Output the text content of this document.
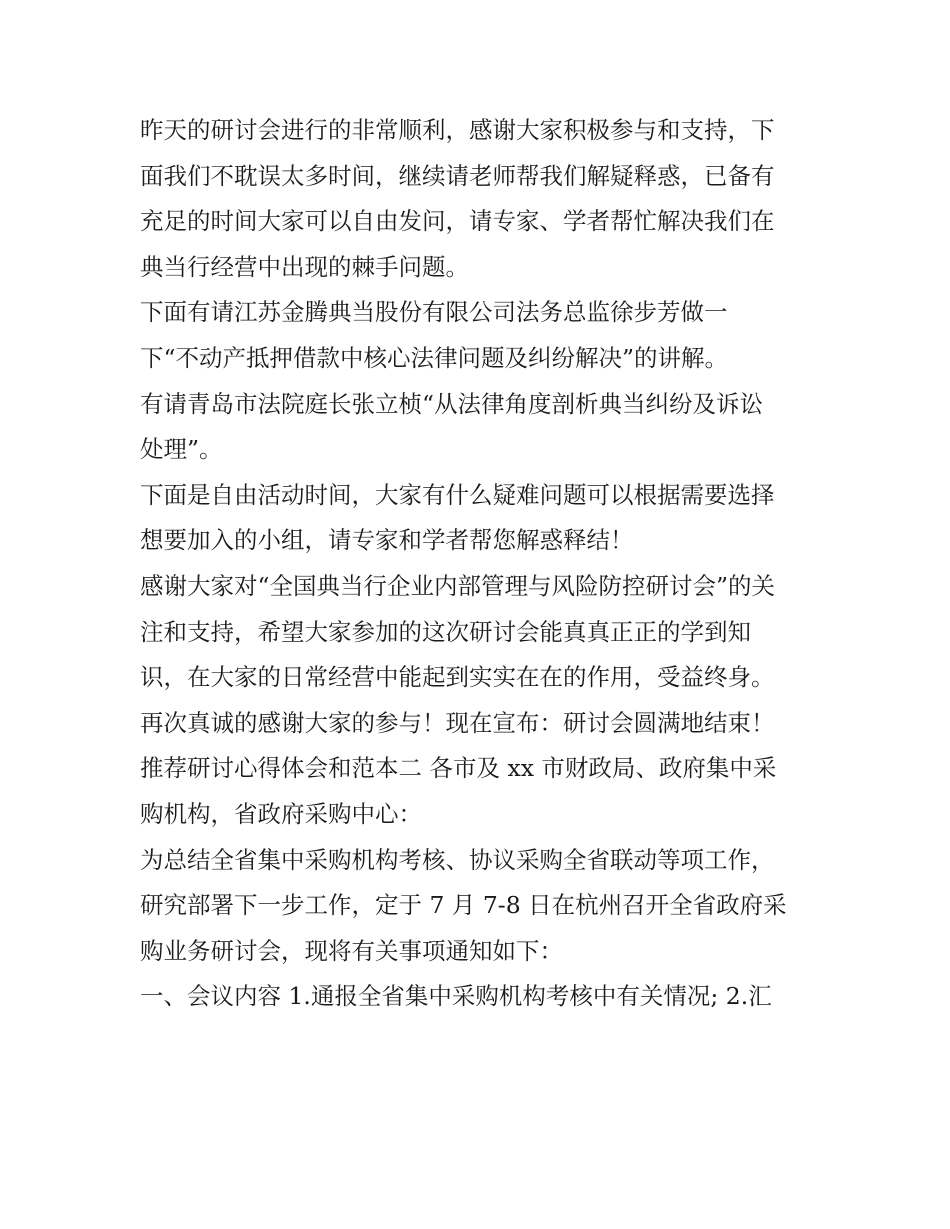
昨天的研讨会进行的非常顺利，感谢大家积极参与和支持，下
面我们不耽误太多时间，继续请老师帮我们解疑释惑，已备有
充足的时间大家可以自由发问，请专家、学者帮忙解决我们在
典当行经营中出现的棘手问题。
下面有请江苏金腾典当股份有限公司法务总监徐步芳做一
下“不动产抵押借款中核心法律问题及纠纷解决”的讲解。
有请青岛市法院庭长张立桢“从法律角度剖析典当纠纷及诉讼
处理”。
下面是自由活动时间，大家有什么疑难问题可以根据需要选择
想要加入的小组，请专家和学者帮您解惑释结！
感谢大家对“全国典当行企业内部管理与风险防控研讨会”的关
注和支持，希望大家参加的这次研讨会能真真正正的学到知
识，在大家的日常经营中能起到实实在在的作用，受益终身。
再次真诚的感谢大家的参与！现在宣布：研讨会圆满地结束！
推荐研讨心得体会和范本二 各市及 xx 市财政局、政府集中采
购机构，省政府采购中心：
为总结全省集中采购机构考核、协议采购全省联动等项工作，
研究部署下一步工作，定于 7 月 7-8 日在杭州召开全省政府采
购业务研讨会，现将有关事项通知如下：
一、会议内容 1.通报全省集中采购机构考核中有关情况; 2.汇
